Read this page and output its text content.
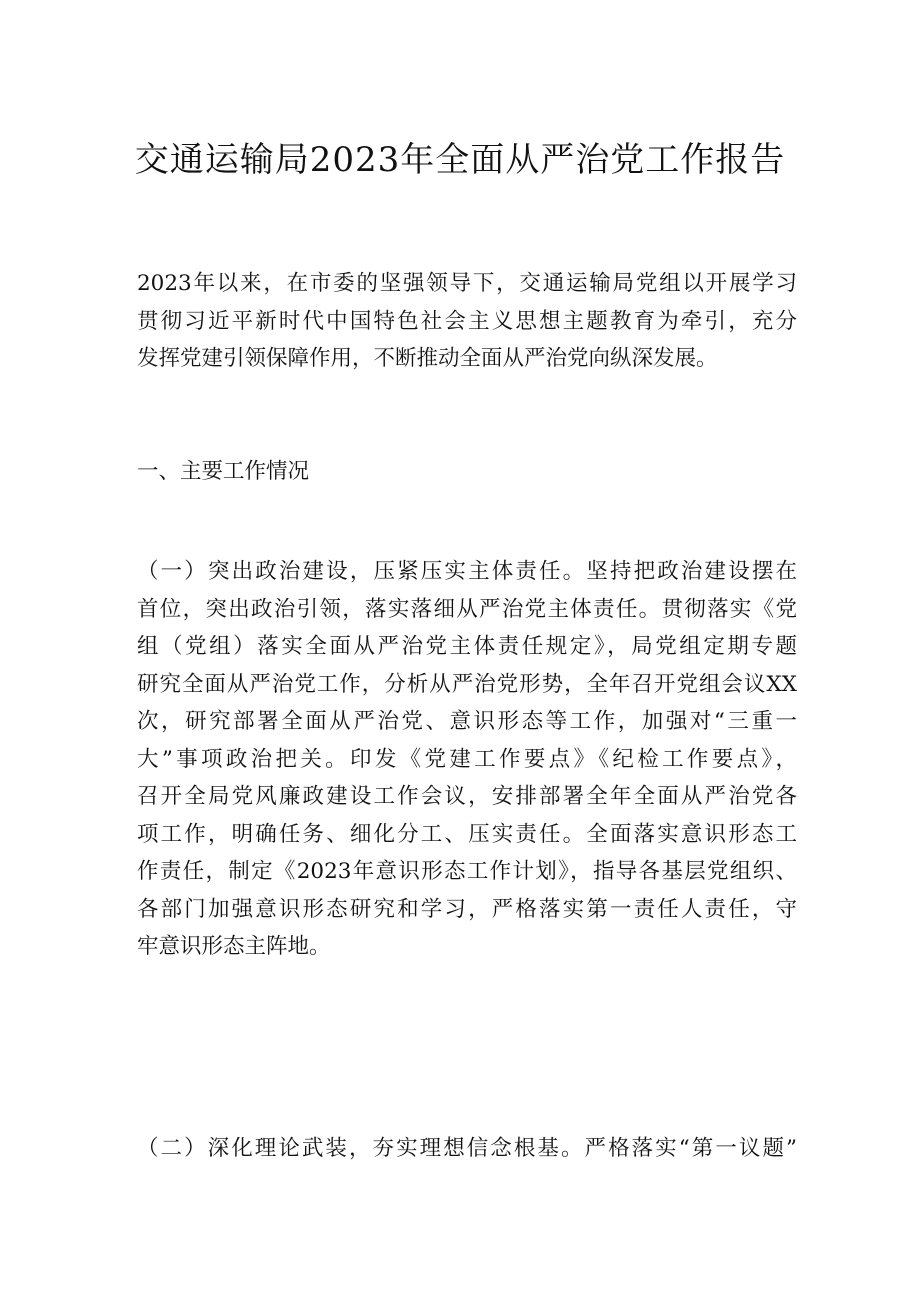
交通运输局2023年全面从严治党工作报告
2023年以来，在市委的坚强领导下，交通运输局党组以开展学习
贯彻习近平新时代中国特色社会主义思想主题教育为牵引，充分
发挥党建引领保障作用，不断推动全面从严治党向纵深发展。
一、主要工作情况
（一）突出政治建设，压紧压实主体责任。坚持把政治建设摆在
首位，突出政治引领，落实落细从严治党主体责任。贯彻落实《党
组（党组）落实全面从严治党主体责任规定》，局党组定期专题
研究全面从严治党工作，分析从严治党形势，全年召开党组会议XX
次，研究部署全面从严治党、意识形态等工作，加强对“三重一
大”事项政治把关。印发《党建工作要点》《纪检工作要点》，
召开全局党风廉政建设工作会议，安排部署全年全面从严治党各
项工作，明确任务、细化分工、压实责任。全面落实意识形态工
作责任，制定《2023年意识形态工作计划》，指导各基层党组织、
各部门加强意识形态研究和学习，严格落实第一责任人责任，守
牢意识形态主阵地。
（二）深化理论武装，夯实理想信念根基。严格落实“第一议题”
